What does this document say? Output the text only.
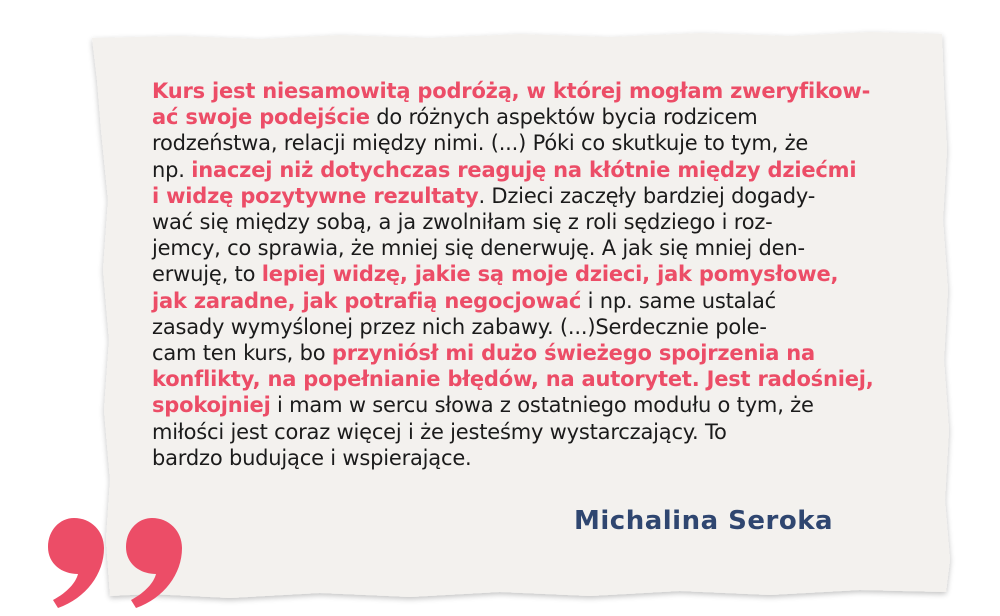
Kurs jest niesamowitą podróżą, w której mogłam zweryfikow-
ać swoje podejście do różnych aspektów bycia rodzicem
rodzeństwa, relacji między nimi. (...) Póki co skutkuje to tym, że
np. inaczej niż dotychczas reaguję na kłótnie między dziećmi
i widzę pozytywne rezultaty. Dzieci zaczęły bardziej dogady-
wać się między sobą, a ja zwolniłam się z roli sędziego i roz-
jemcy, co sprawia, że mniej się denerwuję. A jak się mniej den-
erwuję, to lepiej widzę, jakie są moje dzieci, jak pomysłowe,
jak zaradne, jak potrafią negocjować i np. same ustalać
zasady wymyślonej przez nich zabawy. (...)Serdecznie pole-
cam ten kurs, bo przyniósł mi dużo świeżego spojrzenia na
konflikty, na popełnianie błędów, na autorytet. Jest radośniej,
spokojniej i mam w sercu słowa z ostatniego modułu o tym, że
miłości jest coraz więcej i że jesteśmy wystarczający. To
bardzo budujące i wspierające.
Michalina Seroka
